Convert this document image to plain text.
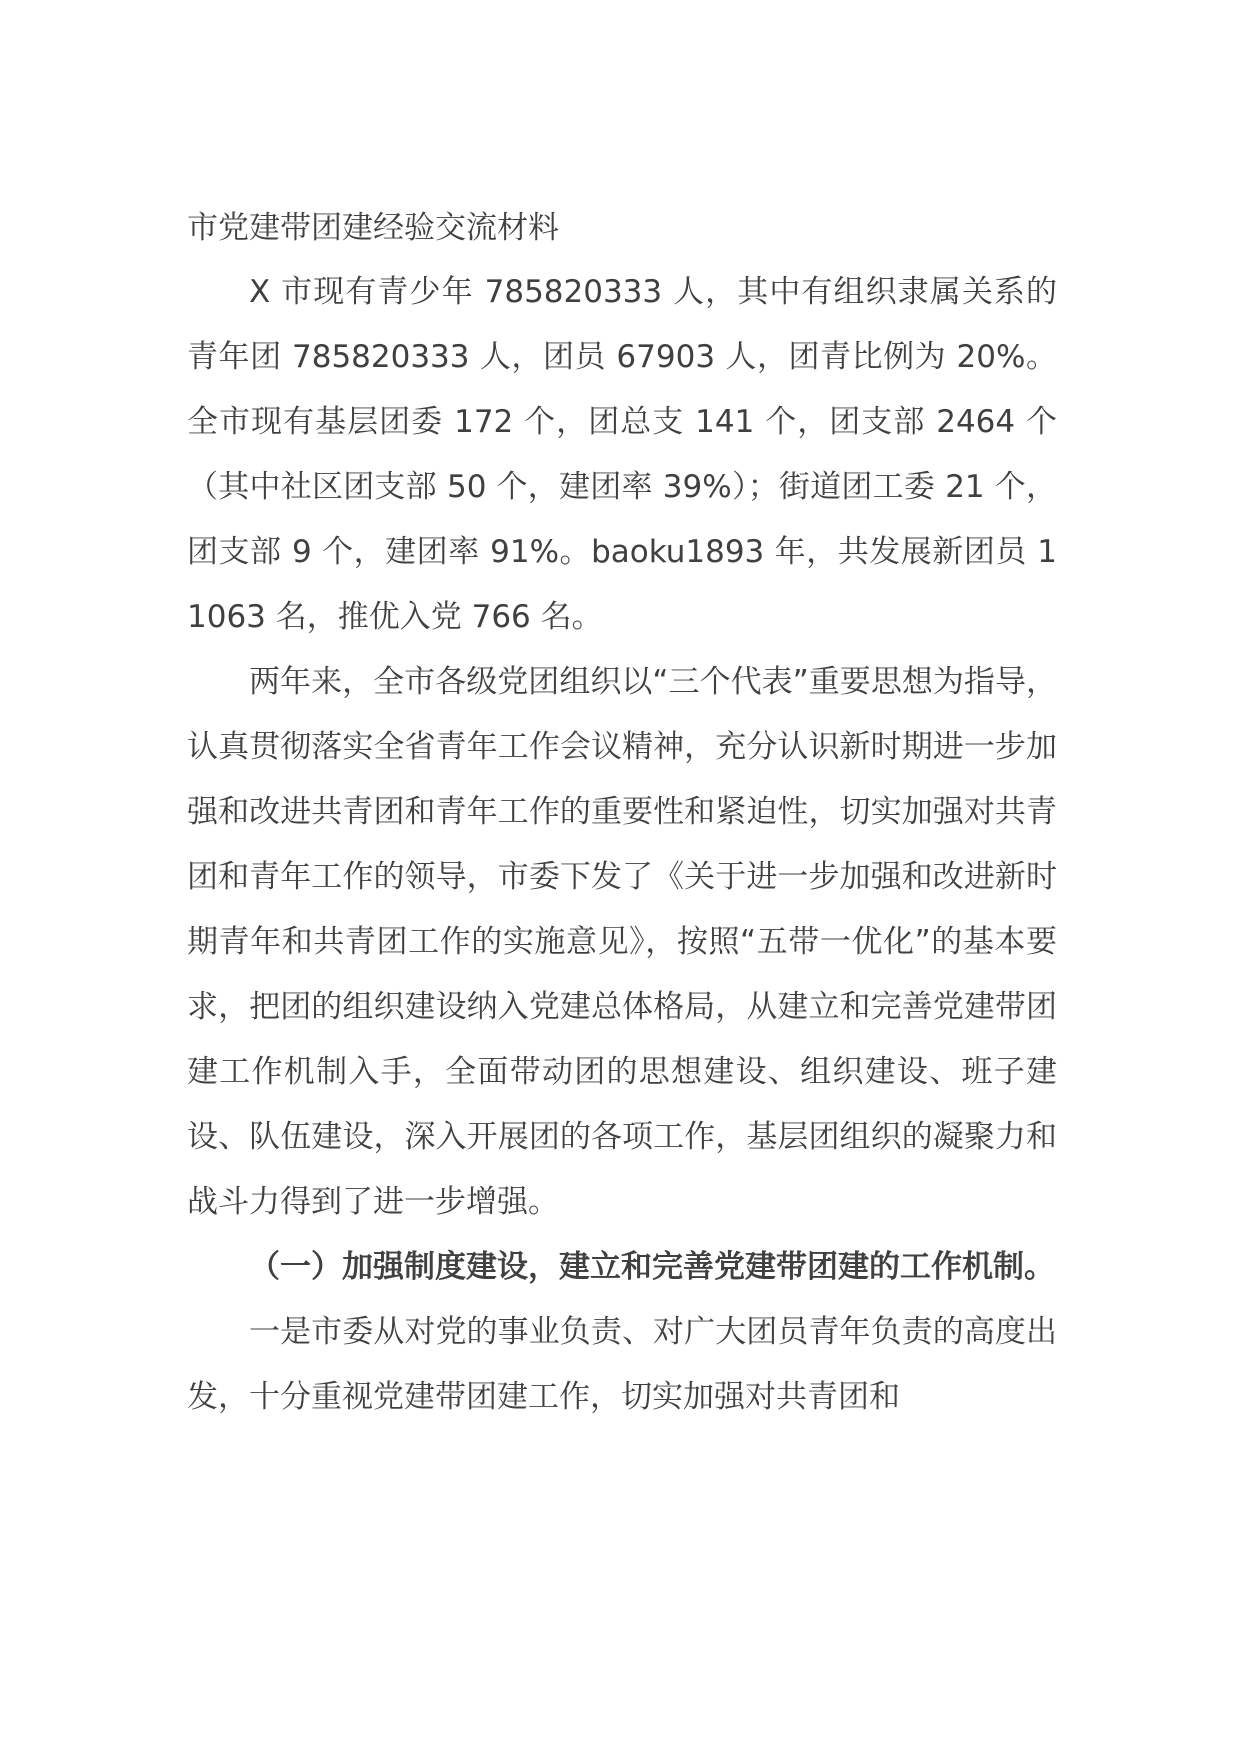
市党建带团建经验交流材料

X 市现有青少年 785820333 人，其中有组织隶属关系的青年团 785820333 人，团员 67903 人，团青比例为 20%。全市现有基层团委 172 个，团总支 141 个，团支部 2464 个（其中社区团支部 50 个，建团率 39%）；街道团工委 21 个，团支部 9 个，建团率 91%。baoku1893 年，共发展新团员 11063 名，推优入党 766 名。

两年来，全市各级党团组织以“三个代表”重要思想为指导，认真贯彻落实全省青年工作会议精神，充分认识新时期进一步加强和改进共青团和青年工作的重要性和紧迫性，切实加强对共青团和青年工作的领导，市委下发了《关于进一步加强和改进新时期青年和共青团工作的实施意见》，按照“五带一优化”的基本要求，把团的组织建设纳入党建总体格局，从建立和完善党建带团建工作机制入手，全面带动团的思想建设、组织建设、班子建设、队伍建设，深入开展团的各项工作，基层团组织的凝聚力和战斗力得到了进一步增强。

（一）加强制度建设，建立和完善党建带团建的工作机制。

一是市委从对党的事业负责、对广大团员青年负责的高度出发，十分重视党建带团建工作，切实加强对共青团和
